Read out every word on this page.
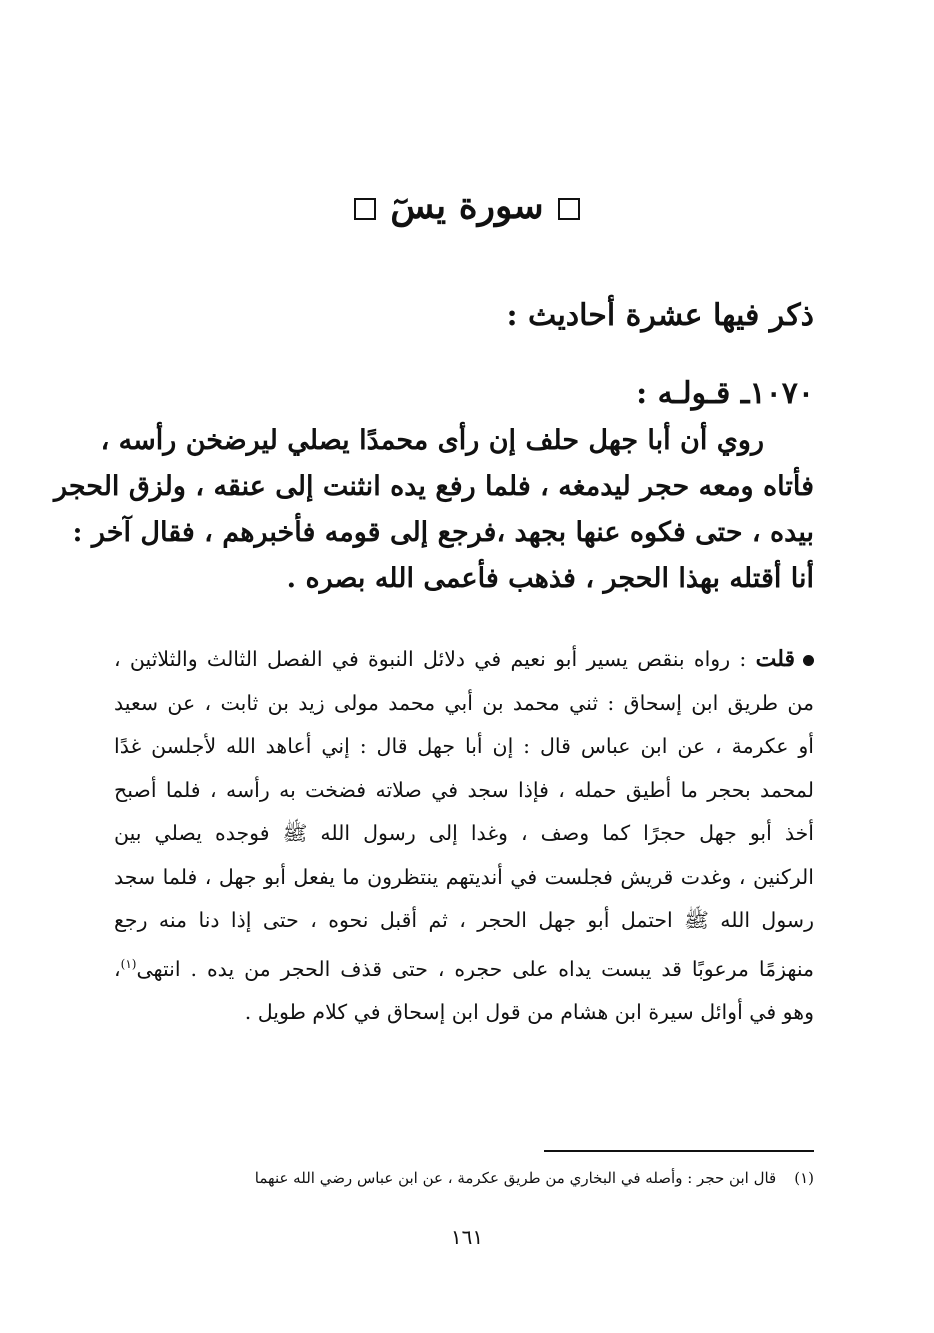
سورة يسٓ
ذكر فيها عشرة أحاديث :
١٠٧٠ـ قـولـه :
روي أن أبا جهل حلف إن رأى محمدًا يصلي ليرضخن رأسه ،
فأتاه ومعه حجر ليدمغه ، فلما رفع يده انثنت إلى عنقه ، ولزق الحجر
بيده ، حتى فكوه عنها بجهد ،فرجع إلى قومه فأخبرهم ، فقال آخر :
أنا أقتله بهذا الحجر ، فذهب فأعمى الله بصره .
قلت : رواه بنقص يسير أبو نعيم في دلائل النبوة في الفصل الثالث والثلاثين ،
من طريق ابن إسحاق : ثني محمد بن أبي محمد مولى زيد بن ثابت ، عن سعيد
أو عكرمة ، عن ابن عباس قال : إن أبا جهل قال : إني أعاهد الله لأجلسن غدًا
لمحمد بحجر ما أطيق حمله ، فإذا سجد في صلاته فضخت به رأسه ، فلما أصبح
أخذ أبو جهل حجرًا كما وصف ، وغدا إلى رسول الله ﷺ فوجده يصلي بين
الركنين ، وغدت قريش فجلست في أنديتهم ينتظرون ما يفعل أبو جهل ، فلما سجد
رسول الله ﷺ احتمل أبو جهل الحجر ، ثم أقبل نحوه ، حتى إذا دنا منه رجع
منهزمًا مرعوبًا قد يبست يداه على حجره ، حتى قذف الحجر من يده . انتهى$^{(١)}$،
وهو في أوائل سيرة ابن هشام من قول ابن إسحاق في كلام طويل .
(١)قال ابن حجر : وأصله في البخاري من طريق عكرمة ، عن ابن عباس رضي الله عنهما
١٦١
